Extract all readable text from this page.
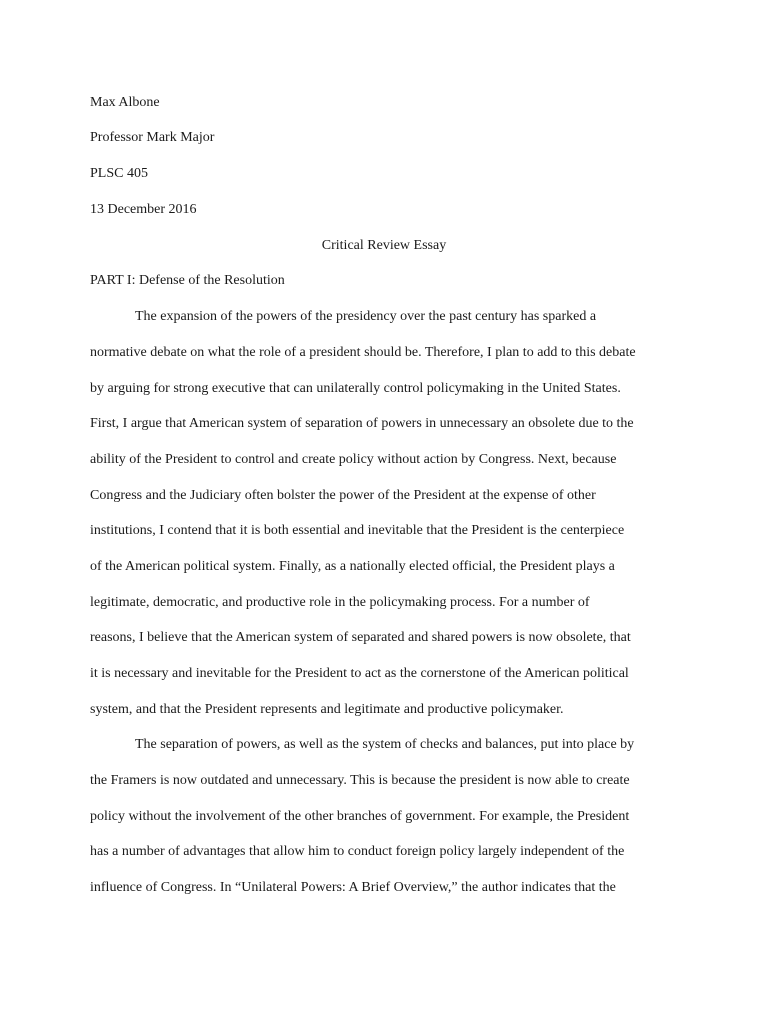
Max Albone
Professor Mark Major
PLSC 405
13 December 2016
Critical Review Essay
PART I: Defense of the Resolution
The expansion of the powers of the presidency over the past century has sparked a
normative debate on what the role of a president should be. Therefore, I plan to add to this debate
by arguing for strong executive that can unilaterally control policymaking in the United States.
First, I argue that American system of separation of powers in unnecessary an obsolete due to the
ability of the President to control and create policy without action by Congress. Next, because
Congress and the Judiciary often bolster the power of the President at the expense of other
institutions, I contend that it is both essential and inevitable that the President is the centerpiece
of the American political system. Finally, as a nationally elected official, the President plays a
legitimate, democratic, and productive role in the policymaking process. For a number of
reasons, I believe that the American system of separated and shared powers is now obsolete, that
it is necessary and inevitable for the President to act as the cornerstone of the American political
system, and that the President represents and legitimate and productive policymaker.
The separation of powers, as well as the system of checks and balances, put into place by
the Framers is now outdated and unnecessary. This is because the president is now able to create
policy without the involvement of the other branches of government. For example, the President
has a number of advantages that allow him to conduct foreign policy largely independent of the
influence of Congress. In “Unilateral Powers: A Brief Overview,” the author indicates that the
